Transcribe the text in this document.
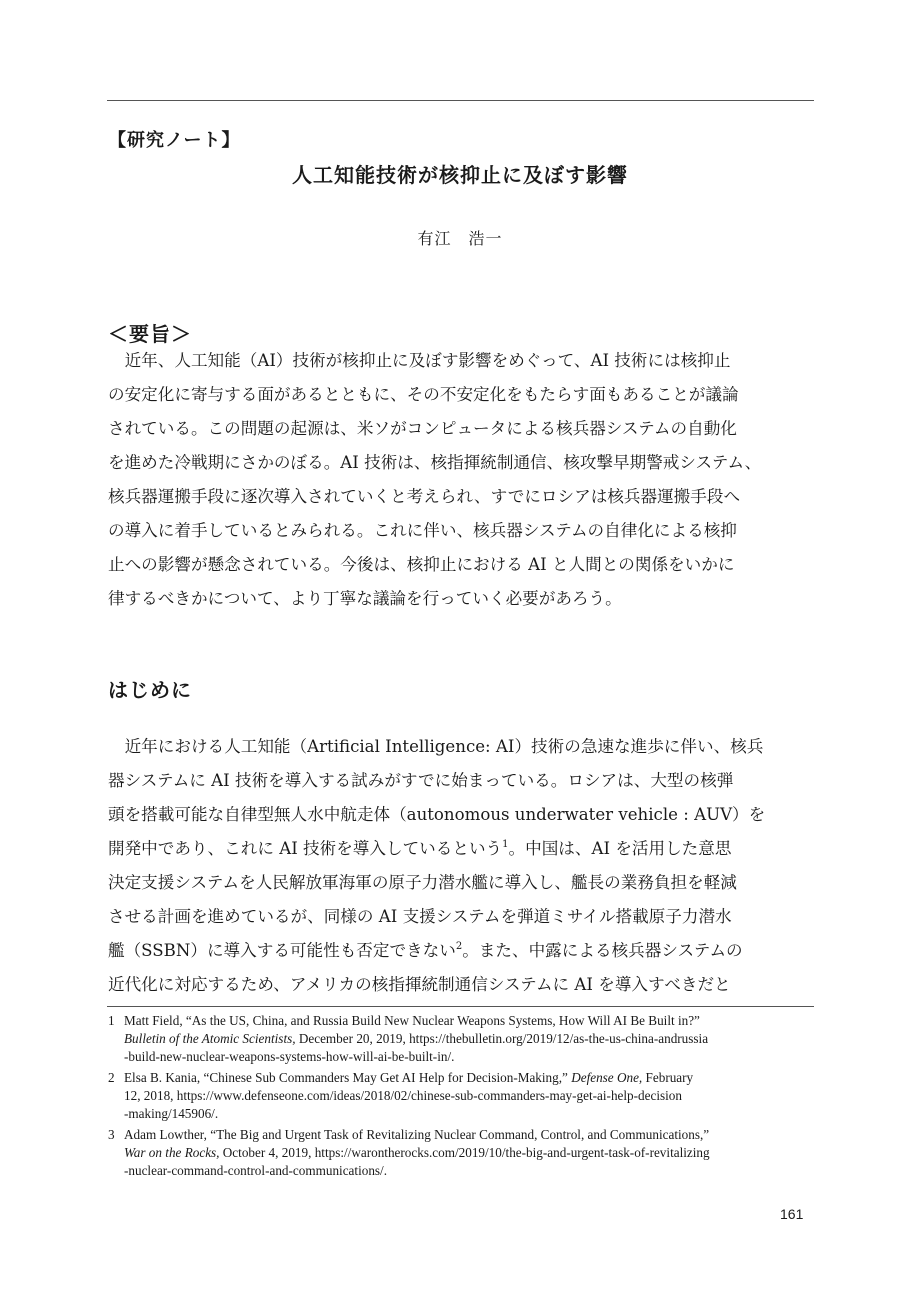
【研究ノート】
人工知能技術が核抑止に及ぼす影響
有江　浩一
＜要旨＞
近年、人工知能（AI）技術が核抑止に及ぼす影響をめぐって、AI 技術には核抑止
の安定化に寄与する面があるとともに、その不安定化をもたらす面もあることが議論
されている。この問題の起源は、米ソがコンピュータによる核兵器システムの自動化
を進めた冷戦期にさかのぼる。AI 技術は、核指揮統制通信、核攻撃早期警戒システム、
核兵器運搬手段に逐次導入されていくと考えられ、すでにロシアは核兵器運搬手段へ
の導入に着手しているとみられる。これに伴い、核兵器システムの自律化による核抑
止への影響が懸念されている。今後は、核抑止における AI と人間との関係をいかに
律するべきかについて、より丁寧な議論を行っていく必要があろう。
はじめに
近年における人工知能（Artificial Intelligence: AI）技術の急速な進歩に伴い、核兵
器システムに AI 技術を導入する試みがすでに始まっている。ロシアは、大型の核弾
頭を搭載可能な自律型無人水中航走体（autonomous underwater vehicle : AUV）を
開発中であり、これに AI 技術を導入しているという$^1$。中国は、AI を活用した意思
決定支援システムを人民解放軍海軍の原子力潜水艦に導入し、艦長の業務負担を軽減
させる計画を進めているが、同様の AI 支援システムを弾道ミサイル搭載原子力潜水
艦（SSBN）に導入する可能性も否定できない$^2$。また、中露による核兵器システムの
近代化に対応するため、アメリカの核指揮統制通信システムに AI を導入すべきだと
1 Matt Field, “As the US, China, and Russia Build New Nuclear Weapons Systems, How Will AI Be Built in?”
Bulletin of the Atomic Scientists, December 20, 2019, https://thebulletin.org/2019/12/as-the-us-china-andrussia
-build-new-nuclear-weapons-systems-how-will-ai-be-built-in/.
2 Elsa B. Kania, “Chinese Sub Commanders May Get AI Help for Decision-Making,” Defense One, February
12, 2018, https://www.defenseone.com/ideas/2018/02/chinese-sub-commanders-may-get-ai-help-decision
-making/145906/.
3 Adam Lowther, “The Big and Urgent Task of Revitalizing Nuclear Command, Control, and Communications,”
War on the Rocks, October 4, 2019, https://warontherocks.com/2019/10/the-big-and-urgent-task-of-revitalizing
-nuclear-command-control-and-communications/.
161
